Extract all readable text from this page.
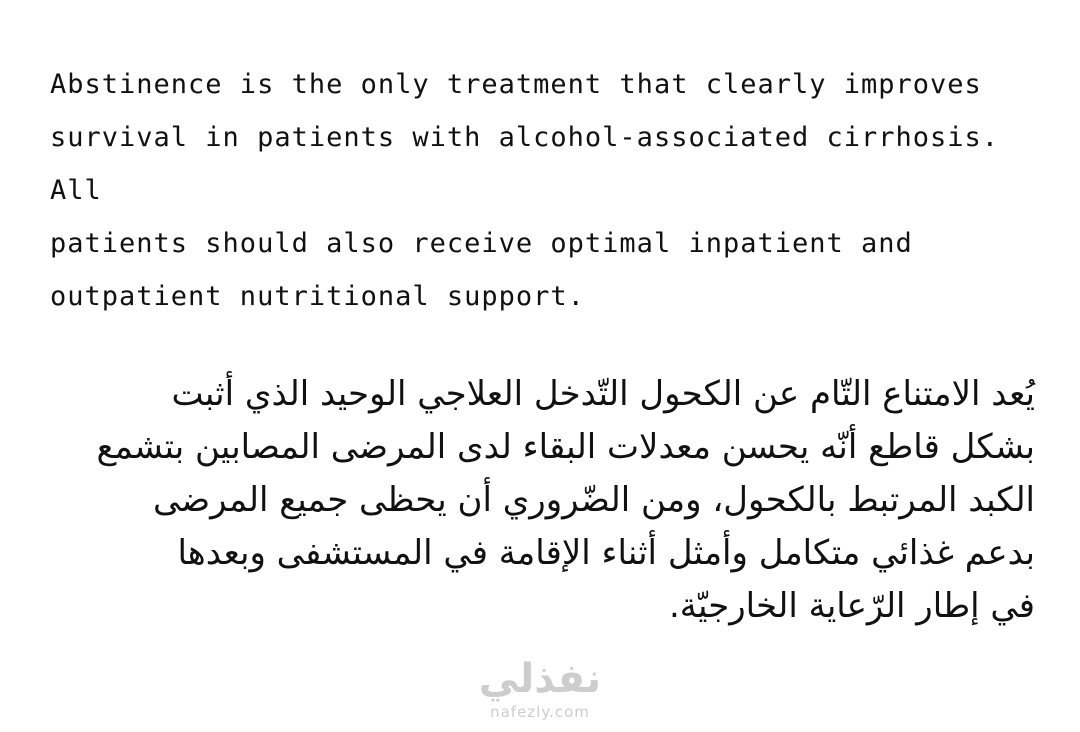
Abstinence is the only treatment that clearly improves
survival in patients with alcohol-associated cirrhosis. All
patients should also receive optimal inpatient and
outpatient nutritional support.

يُعد الامتناع التّام عن الكحول التّدخل العلاجي الوحيد الذي أثبت
بشكل قاطع أنّه يحسن معدلات البقاء لدى المرضى المصابين بتشمع
الكبد المرتبط بالكحول، ومن الضّروري أن يحظى جميع المرضى
بدعم غذائي متكامل وأمثل أثناء الإقامة في المستشفى وبعدها
في إطار الرّعاية الخارجيّة.

نفذلي
nafezly.com
